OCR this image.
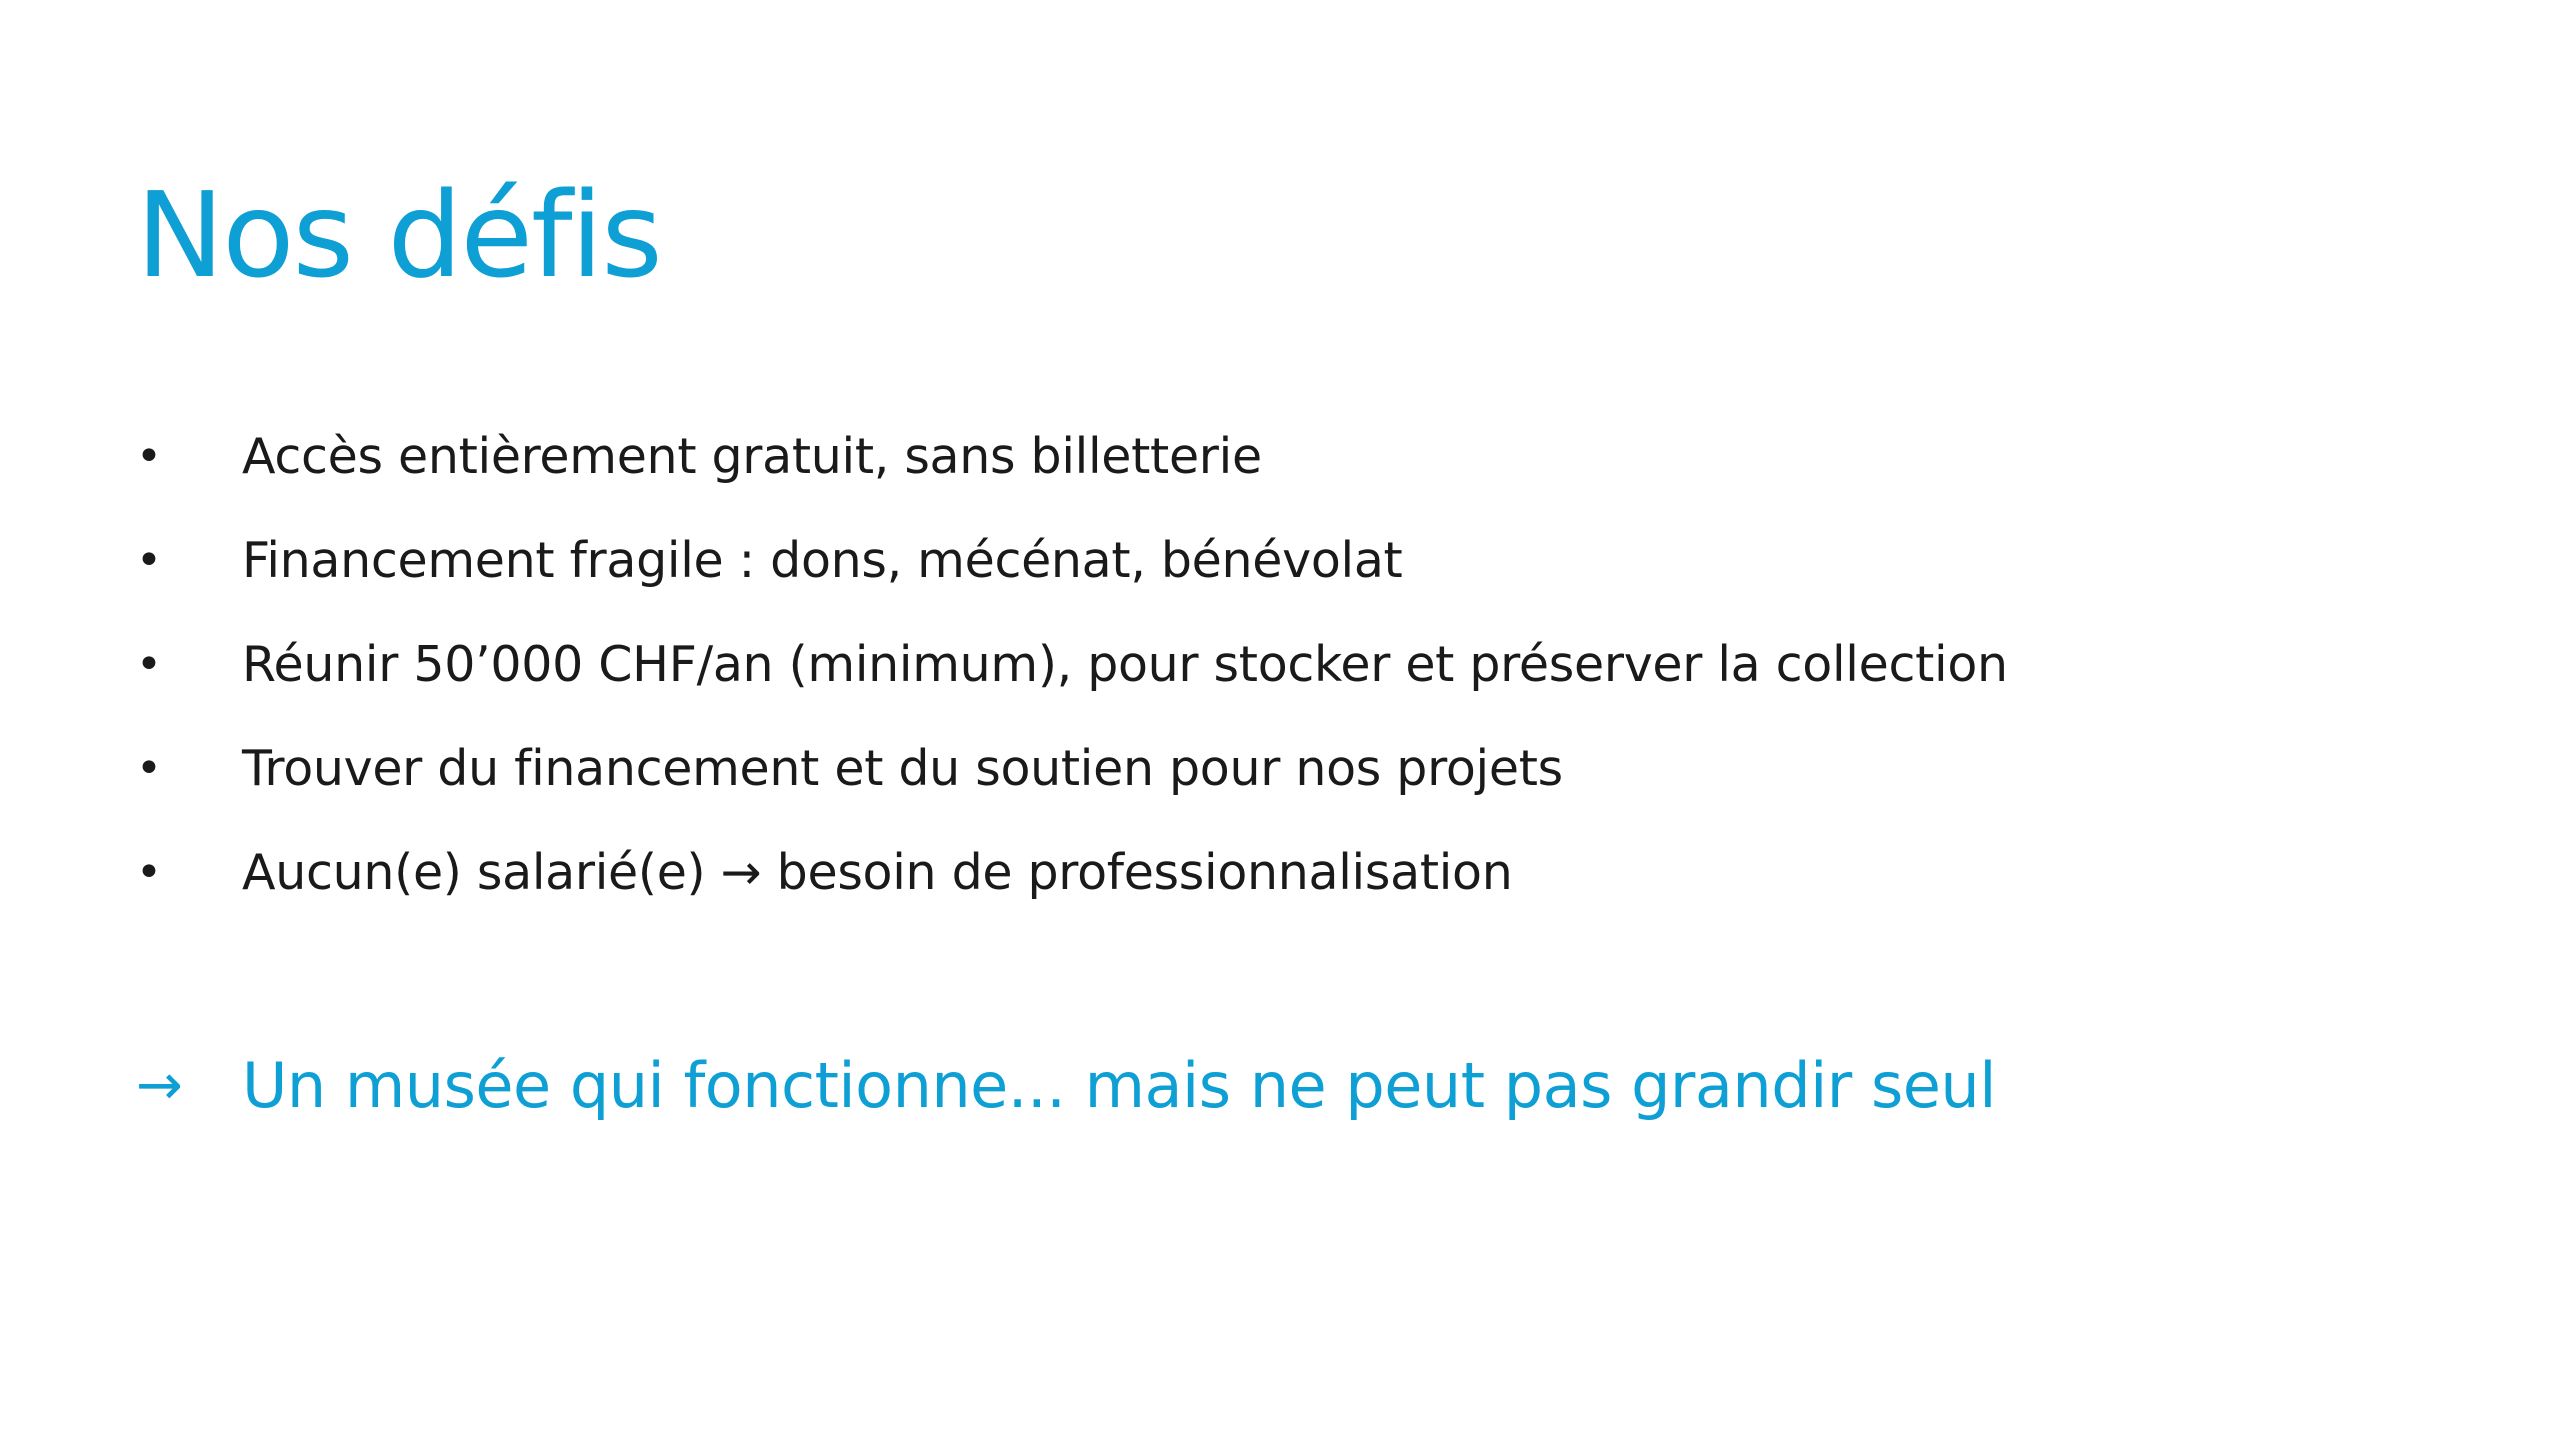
Nos défis
•	Accès entièrement gratuit, sans billetterie
•	Financement fragile : dons, mécénat, bénévolat
•	Réunir 50’000 CHF/an (minimum), pour stocker et préserver la collection
•	Trouver du financement et du soutien pour nos projets
•	Aucun(e) salarié(e) → besoin de professionnalisation
→ Un musée qui fonctionne... mais ne peut pas grandir seul
